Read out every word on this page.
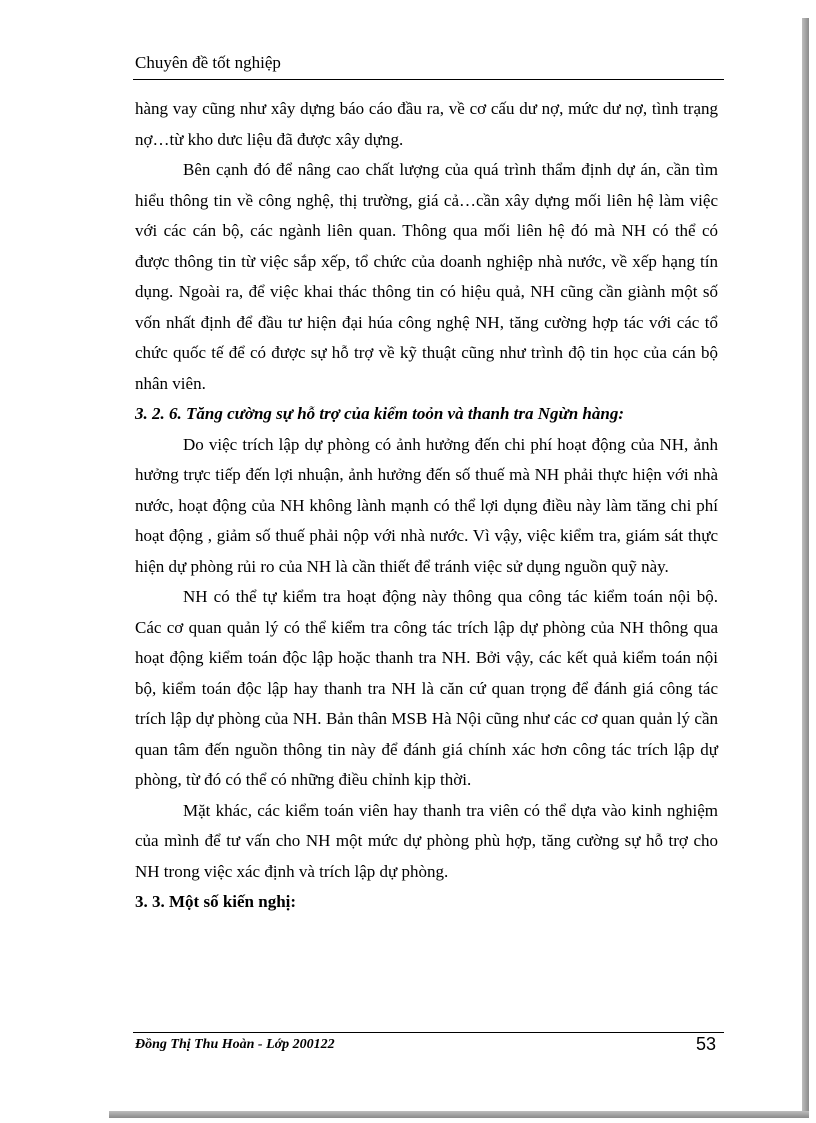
Chuyên đề tốt nghiệp

hàng vay cũng như xây dựng báo cáo đầu ra, về cơ cấu dư nợ, mức dư nợ, tình trạng nợ…từ kho dưc liệu đã được xây dựng.

Bên cạnh đó để nâng cao chất lượng của quá trình thẩm định dự án, cần tìm hiểu thông tin về công nghệ, thị trường, giá cả…cần xây dựng mối liên hệ làm việc với các cán bộ, các ngành liên quan. Thông qua mối liên hệ đó mà NH có thể có được thông tin từ việc sắp xếp, tổ chức của doanh nghiệp nhà nước, về xếp hạng tín dụng. Ngoài ra, để việc khai thác thông tin có hiệu quả, NH cũng cần giành một số vốn nhất định để đầu tư hiện đại húa công nghệ NH, tăng cường hợp tác với các tổ chức quốc tế để có được sự hỗ trợ về kỹ thuật cũng như trình độ tin học của cán bộ nhân viên.

3. 2. 6. Tăng cường sự hỗ trợ của kiểm toỏn và thanh tra Ngừn hàng:

Do việc trích lập dự phòng có ảnh hưởng đến chi phí hoạt động của NH, ảnh hưởng trực tiếp đến lợi nhuận, ảnh hưởng đến số thuế mà NH phải thực hiện với nhà nước, hoạt động của NH không lành mạnh có thể lợi dụng điều này làm tăng chi phí hoạt động , giảm số thuế phải nộp với nhà nước. Vì vậy, việc kiểm tra, giám sát thực hiện dự phòng rủi ro của NH là cần thiết để tránh việc sử dụng nguồn quỹ này.

NH có thể tự kiểm tra hoạt động này thông qua công tác kiểm toán nội bộ. Các cơ quan quản lý có thể kiểm tra công tác trích lập dự phòng của NH thông qua hoạt động kiểm toán độc lập hoặc thanh tra NH. Bởi vậy, các kết quả kiểm toán nội bộ, kiểm toán độc lập hay thanh tra NH là căn cứ quan trọng để đánh giá công tác trích lập dự phòng của NH. Bản thân MSB Hà Nội cũng như các cơ quan quản lý cần quan tâm đến nguồn thông tin này để đánh giá chính xác hơn công tác trích lập dự phòng, từ đó có thể có những điều chỉnh kịp thời.

Mặt khác, các kiểm toán viên hay thanh tra viên có thể dựa vào kinh nghiệm của mình để tư vấn cho NH một mức dự phòng phù hợp, tăng cường sự hỗ trợ cho NH trong việc xác định và trích lập dự phòng.

3. 3. Một số kiến nghị:
Đồng Thị Thu Hoàn - Lớp 200122	53
